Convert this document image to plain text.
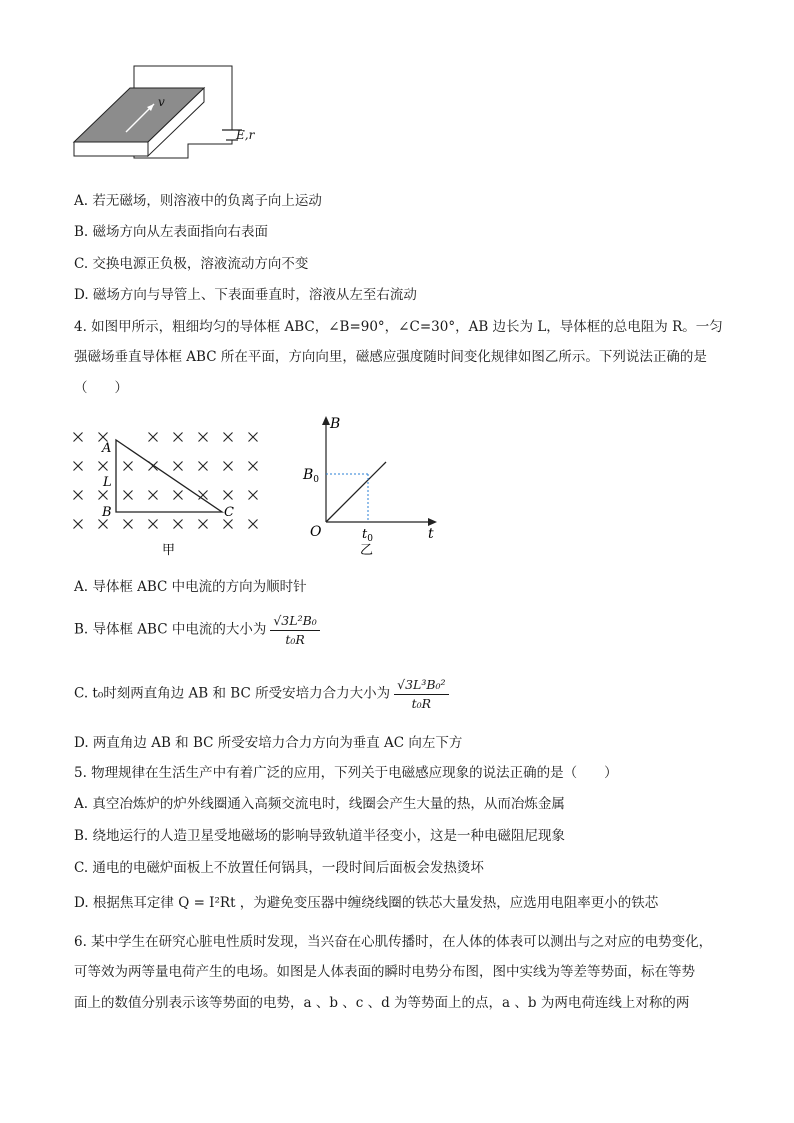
v
E,r
A. 若无磁场，则溶液中的负离子向上运动
B. 磁场方向从左表面指向右表面
C. 交换电源正负极，溶液流动方向不变
D. 磁场方向与导管上、下表面垂直时，溶液从左至右流动
4. 如图甲所示，粗细均匀的导体框 ABC，∠B=90°，∠C=30°，AB 边长为 L，导体框的总电阻为 R。一匀
强磁场垂直导体框 ABC 所在平面，方向向里，磁感应强度随时间变化规律如图乙所示。下列说法正确的是
（　　）
A
L
B	C
甲
B
t
O
$B_0$
$t_0$
乙
A. 导体框 ABC 中电流的方向为顺时针
B. 导体框 ABC 中电流的大小为 $\frac{\text{√3L²B₀}}{\text{t₀R}}$
C. t₀时刻两直角边 AB 和 BC 所受安培力合力大小为 $\frac{\text{√3L³B₀²}}{\text{t₀R}}$
D. 两直角边 AB 和 BC 所受安培力合力方向为垂直 AC 向左下方
5. 物理规律在生活生产中有着广泛的应用，下列关于电磁感应现象的说法正确的是（　　）
A. 真空冶炼炉的炉外线圈通入高频交流电时，线圈会产生大量的热，从而冶炼金属
B. 绕地运行的人造卫星受地磁场的影响导致轨道半径变小，这是一种电磁阻尼现象
C. 通电的电磁炉面板上不放置任何锅具，一段时间后面板会发热烫坏
D. 根据焦耳定律 Q = I²Rt ，为避免变压器中缠绕线圈的铁芯大量发热，应选用电阻率更小的铁芯
6. 某中学生在研究心脏电性质时发现，当兴奋在心肌传播时，在人体的体表可以测出与之对应的电势变化，
可等效为两等量电荷产生的电场。如图是人体表面的瞬时电势分布图，图中实线为等差等势面，标在等势
面上的数值分别表示该等势面的电势，a 、b 、c 、d 为等势面上的点，a 、b 为两电荷连线上对称的两
